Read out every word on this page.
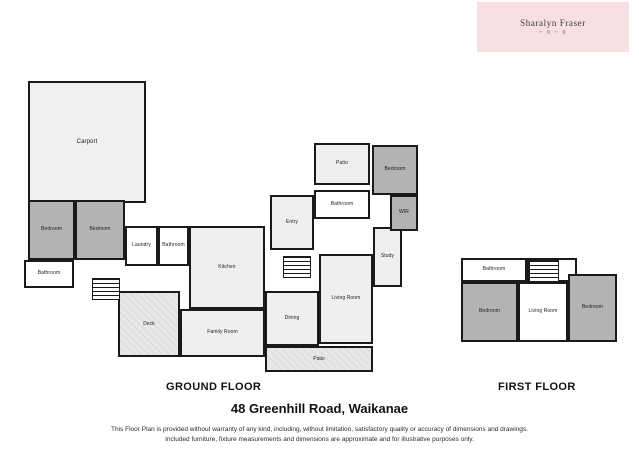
Sharalyn Fraser
~ 9 ~ 9
Carport
Bedroom	Bedroom
Bathroom
Laundry Bathroom
Kitchen
Entry
Dining
Family Room
Living Room
Study
Bathroom
Patio
Bedroom
WIR
Deck
Patio
Bathroom
Bedroom	Living Room
Bedroom
GROUND FLOOR	FIRST FLOOR
48 Greenhill Road, Waikanae
This Floor Plan is provided without warranty of any kind, including, without limitation, satisfactory quality or accuracy of dimensions and drawings.
Included furniture, fixture measurements and dimensions are approximate and for illustrative purposes only.
